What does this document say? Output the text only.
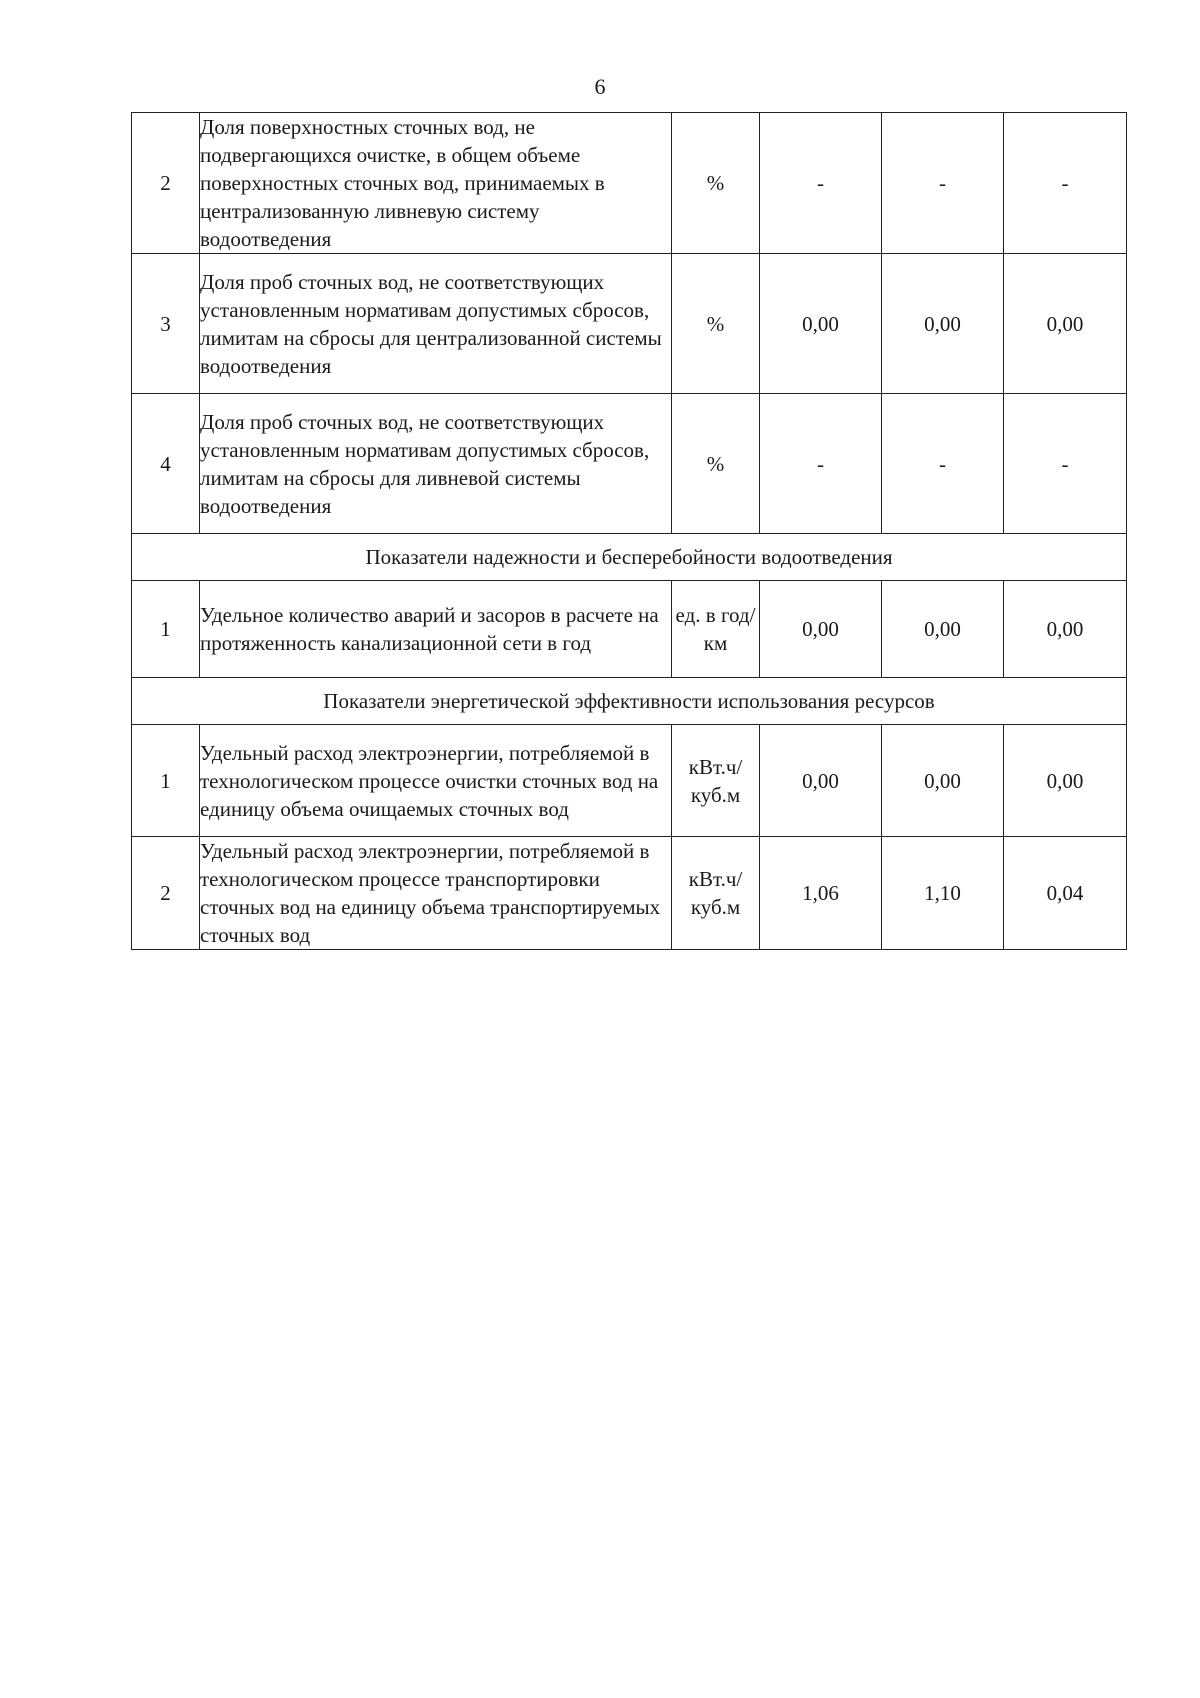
6
2	Доля поверхностных сточных вод, не подвергающихся очистке, в общем объеме поверхностных сточных вод, принимаемых в централизованную ливневую систему водоотведения	%	-	-	-
3	Доля проб сточных вод, не соответствующих установленным нормативам допустимых сбросов, лимитам на сбросы для централизованной системы водоотведения	%	0,00	0,00	0,00
4	Доля проб сточных вод, не соответствующих установленным нормативам допустимых сбросов, лимитам на сбросы для ливневой системы водоотведения	%	-	-	-
Показатели надежности и бесперебойности водоотведения					
1	Удельное количество аварий и засоров в расчете на протяженность канализационной сети в год	ед. в год/ км	0,00	0,00	0,00
Показатели энергетической эффективности использования ресурсов					
1	Удельный расход электроэнергии, потребляемой в технологическом процессе очистки сточных вод на единицу объема очищаемых сточных вод	кВт.ч/ куб.м	0,00	0,00	0,00
2	Удельный расход электроэнергии, потребляемой в технологическом процессе транспортировки сточных вод на единицу объема транспортируемых сточных вод	кВт.ч/ куб.м	1,06	1,10	0,04
